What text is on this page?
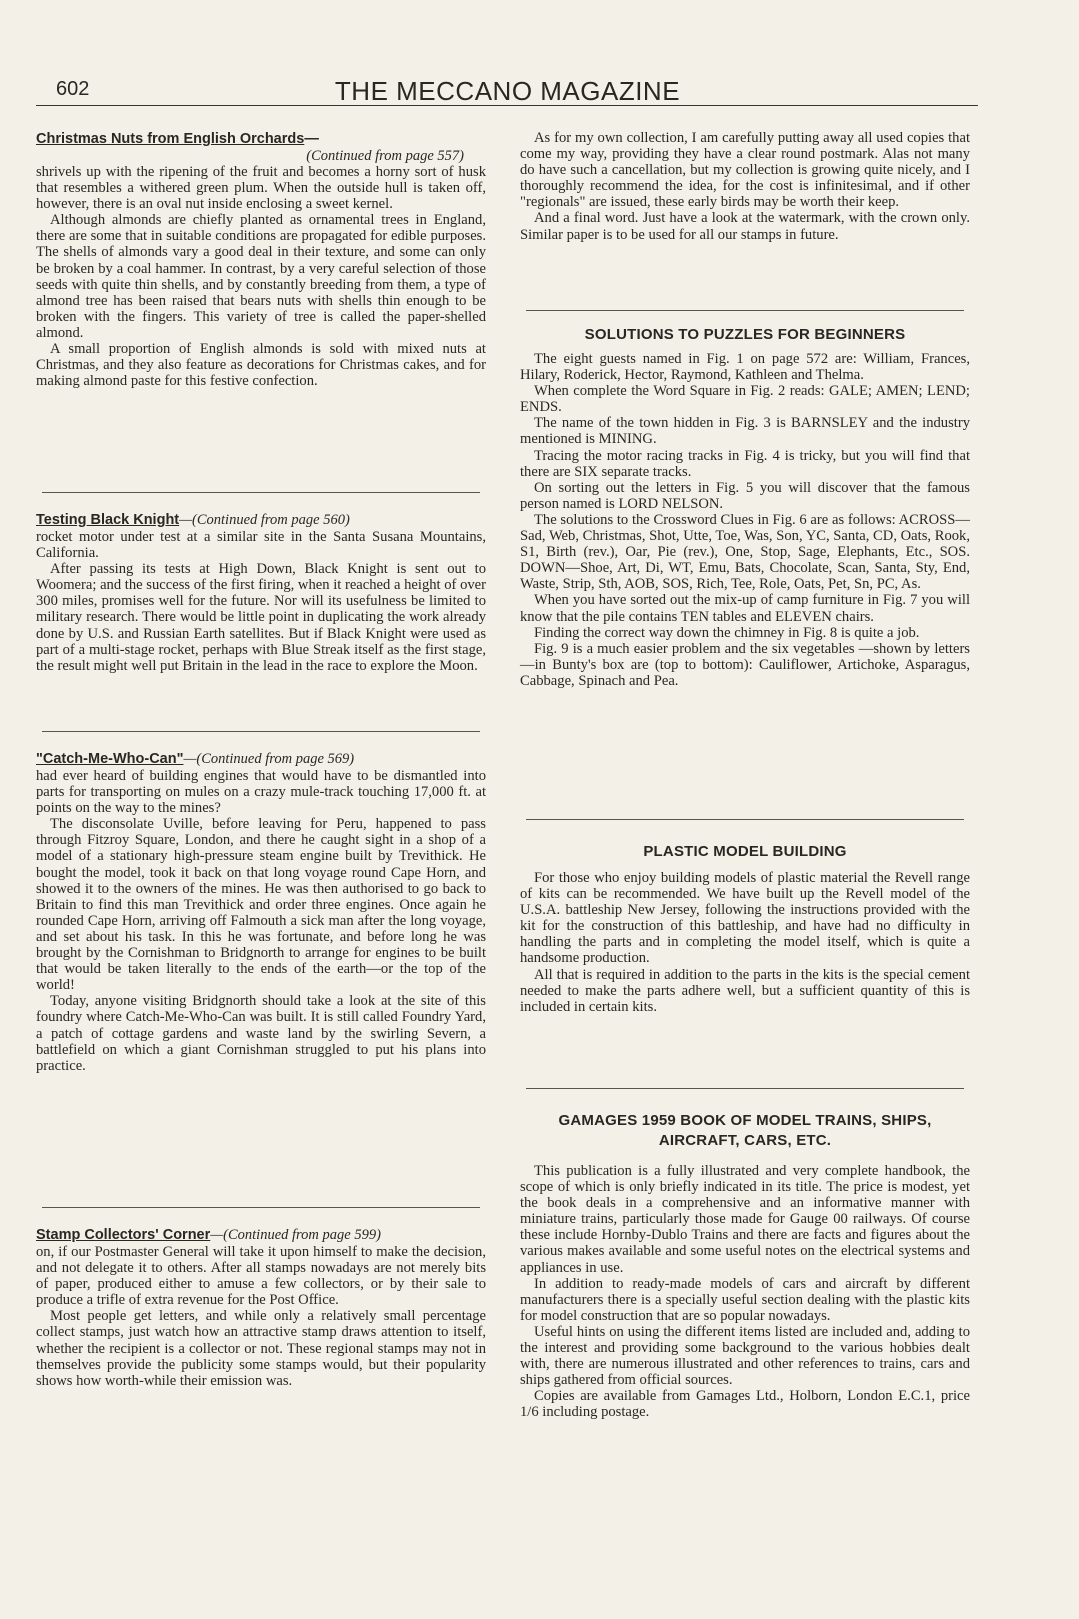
602	THE MECCANO MAGAZINE
Christmas Nuts from English Orchards—
(Continued from page 557)

shrivels up with the ripening of the fruit and becomes a horny sort of husk that resembles a withered green plum. When the outside hull is taken off, however, there is an oval nut inside enclosing a sweet kernel.

Although almonds are chiefly planted as ornamental trees in England, there are some that in suitable conditions are propagated for edible purposes. The shells of almonds vary a good deal in their texture, and some can only be broken by a coal hammer. In contrast, by a very careful selection of those seeds with quite thin shells, and by constantly breeding from them, a type of almond tree has been raised that bears nuts with shells thin enough to be broken with the fingers. This variety of tree is called the paper-shelled almond.

A small proportion of English almonds is sold with mixed nuts at Christmas, and they also feature as decorations for Christmas cakes, and for making almond paste for this festive confection.

Testing Black Knight—(Continued from page 560)

rocket motor under test at a similar site in the Santa Susana Mountains, California.

After passing its tests at High Down, Black Knight is sent out to Woomera; and the success of the first firing, when it reached a height of over 300 miles, promises well for the future. Nor will its usefulness be limited to military research. There would be little point in duplicating the work already done by U.S. and Russian Earth satellites. But if Black Knight were used as part of a multi-stage rocket, perhaps with Blue Streak itself as the first stage, the result might well put Britain in the lead in the race to explore the Moon.

"Catch-Me-Who-Can"—(Continued from page 569)

had ever heard of building engines that would have to be dismantled into parts for transporting on mules on a crazy mule-track touching 17,000 ft. at points on the way to the mines?

The disconsolate Uville, before leaving for Peru, happened to pass through Fitzroy Square, London, and there he caught sight in a shop of a model of a stationary high-pressure steam engine built by Trevithick. He bought the model, took it back on that long voyage round Cape Horn, and showed it to the owners of the mines. He was then authorised to go back to Britain to find this man Trevithick and order three engines. Once again he rounded Cape Horn, arriving off Falmouth a sick man after the long voyage, and set about his task. In this he was fortunate, and before long he was brought by the Cornishman to Bridgnorth to arrange for engines to be built that would be taken literally to the ends of the earth—or the top of the world!

Today, anyone visiting Bridgnorth should take a look at the site of this foundry where Catch-Me-Who-Can was built. It is still called Foundry Yard, a patch of cottage gardens and waste land by the swirling Severn, a battlefield on which a giant Cornishman struggled to put his plans into practice.

Stamp Collectors' Corner—(Continued from page 599)

on, if our Postmaster General will take it upon himself to make the decision, and not delegate it to others. After all stamps nowadays are not merely bits of paper, produced either to amuse a few collectors, or by their sale to produce a trifle of extra revenue for the Post Office.

Most people get letters, and while only a relatively small percentage collect stamps, just watch how an attractive stamp draws attention to itself, whether the recipient is a collector or not. These regional stamps may not in themselves provide the publicity some stamps would, but their popularity shows how worth-while their emission was.

As for my own collection, I am carefully putting away all used copies that come my way, providing they have a clear round postmark. Alas not many do have such a cancellation, but my collection is growing quite nicely, and I thoroughly recommend the idea, for the cost is infinitesimal, and if other "regionals" are issued, these early birds may be worth their keep.

And a final word. Just have a look at the watermark, with the crown only. Similar paper is to be used for all our stamps in future.

SOLUTIONS TO PUZZLES FOR BEGINNERS

The eight guests named in Fig. 1 on page 572 are: William, Frances, Hilary, Roderick, Hector, Raymond, Kathleen and Thelma.

When complete the Word Square in Fig. 2 reads: GALE; AMEN; LEND; ENDS.

The name of the town hidden in Fig. 3 is BARNSLEY and the industry mentioned is MINING.

Tracing the motor racing tracks in Fig. 4 is tricky, but you will find that there are SIX separate tracks.

On sorting out the letters in Fig. 5 you will discover that the famous person named is LORD NELSON.

The solutions to the Crossword Clues in Fig. 6 are as follows: ACROSS—Sad, Web, Christmas, Shot, Utte, Toe, Was, Son, YC, Santa, CD, Oats, Rook, S1, Birth (rev.), Oar, Pie (rev.), One, Stop, Sage, Elephants, Etc., SOS. DOWN—Shoe, Art, Di, WT, Emu, Bats, Chocolate, Scan, Santa, Sty, End, Waste, Strip, Sth, AOB, SOS, Rich, Tee, Role, Oats, Pet, Sn, PC, As.

When you have sorted out the mix-up of camp furniture in Fig. 7 you will know that the pile contains TEN tables and ELEVEN chairs.

Finding the correct way down the chimney in Fig. 8 is quite a job.

Fig. 9 is a much easier problem and the six vegetables —shown by letters—in Bunty's box are (top to bottom): Cauliflower, Artichoke, Asparagus, Cabbage, Spinach and Pea.

PLASTIC MODEL BUILDING

For those who enjoy building models of plastic material the Revell range of kits can be recommended. We have built up the Revell model of the U.S.A. battleship New Jersey, following the instructions provided with the kit for the construction of this battleship, and have had no difficulty in handling the parts and in completing the model itself, which is quite a handsome production.

All that is required in addition to the parts in the kits is the special cement needed to make the parts adhere well, but a sufficient quantity of this is included in certain kits.

GAMAGES 1959 BOOK OF MODEL TRAINS, SHIPS, AIRCRAFT, CARS, ETC.

This publication is a fully illustrated and very complete handbook, the scope of which is only briefly indicated in its title. The price is modest, yet the book deals in a comprehensive and an informative manner with miniature trains, particularly those made for Gauge 00 railways. Of course these include Hornby-Dublo Trains and there are facts and figures about the various makes available and some useful notes on the electrical systems and appliances in use.

In addition to ready-made models of cars and aircraft by different manufacturers there is a specially useful section dealing with the plastic kits for model construction that are so popular nowadays.

Useful hints on using the different items listed are included and, adding to the interest and providing some background to the various hobbies dealt with, there are numerous illustrated and other references to trains, cars and ships gathered from official sources.

Copies are available from Gamages Ltd., Holborn, London E.C.1, price 1/6 including postage.
